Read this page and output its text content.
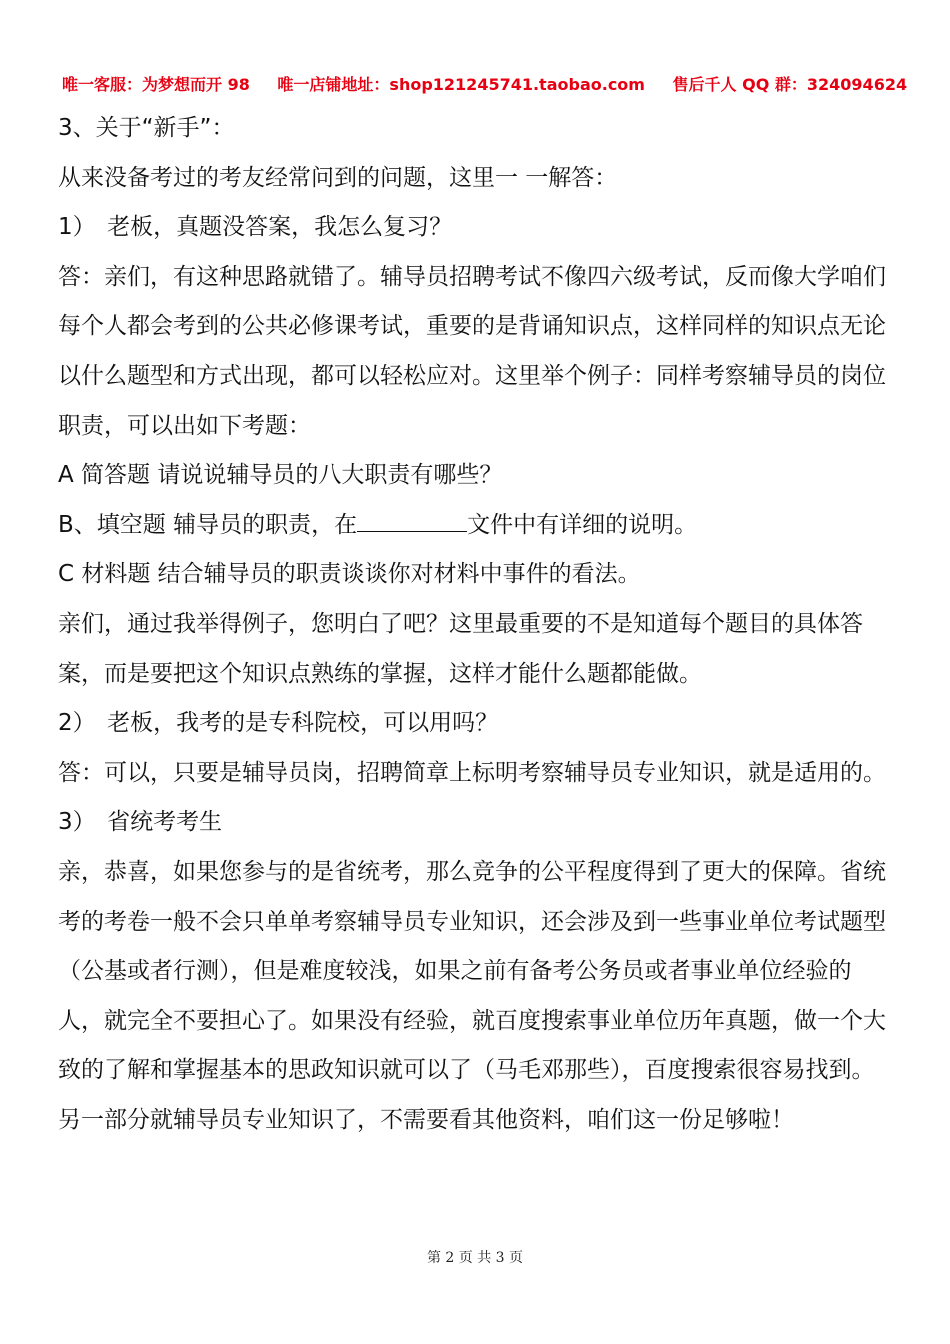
唯一客服：为梦想而开 98 唯一店铺地址：shop121245741.taobao.com 售后千人 QQ 群：324094624

3、关于“新手”：

从来没备考过的考友经常问到的问题，这里一 一解答：

1）　老板，真题没答案，我怎么复习？

答：亲们，有这种思路就错了。辅导员招聘考试不像四六级考试，反而像大学咱们每个人都会考到的公共必修课考试，重要的是背诵知识点，这样同样的知识点无论以什么题型和方式出现，都可以轻松应对。这里举个例子：同样考察辅导员的岗位职责，可以出如下考题：

A 简答题 请说说辅导员的八大职责有哪些？

B、填空题 辅导员的职责，在	文件中有详细的说明。

C 材料题 结合辅导员的职责谈谈你对材料中事件的看法。

亲们，通过我举得例子，您明白了吧？这里最重要的不是知道每个题目的具体答案，而是要把这个知识点熟练的掌握，这样才能什么题都能做。

2）　老板，我考的是专科院校，可以用吗？

答：可以，只要是辅导员岗，招聘简章上标明考察辅导员专业知识，就是适用的。

3）　省统考考生

亲，恭喜，如果您参与的是省统考，那么竞争的公平程度得到了更大的保障。省统考的考卷一般不会只单单考察辅导员专业知识，还会涉及到一些事业单位考试题型（公基或者行测），但是难度较浅，如果之前有备考公务员或者事业单位经验的人，就完全不要担心了。如果没有经验，就百度搜索事业单位历年真题，做一个大致的了解和掌握基本的思政知识就可以了（马毛邓那些），百度搜索很容易找到。另一部分就辅导员专业知识了，不需要看其他资料，咱们这一份足够啦！

第 2 页 共 3 页
